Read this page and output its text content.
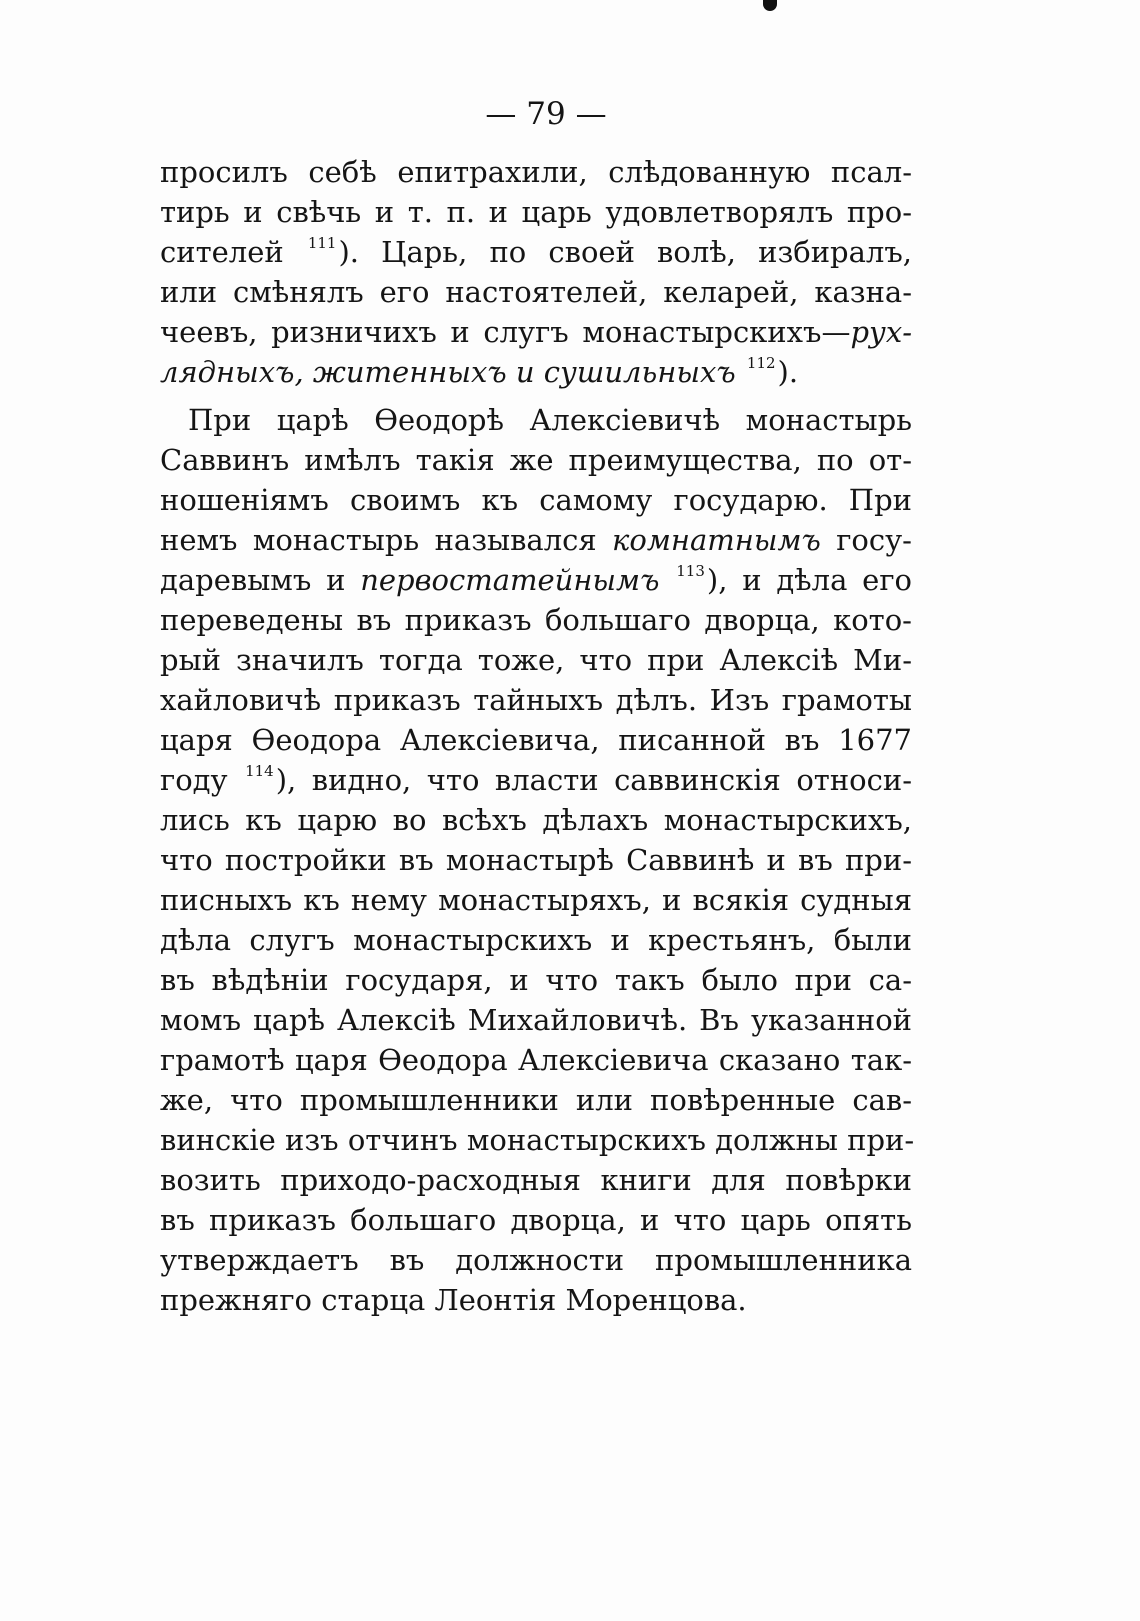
— 79 —
просилъ себѣ епитрахили, слѣдованную псал-
тирь и свѣчь и т. п. и царь удовлетворялъ про-
сителей $^{111}$). Царь, по своей волѣ, избиралъ,
или смѣнялъ его настоятелей, келарей, казна-
чеевъ, ризничихъ и слугъ монастырскихъ—рух-
лядныхъ, житенныхъ и сушильныхъ $^{112}$).
При царѣ Ѳеодорѣ Алексіевичѣ монастырь
Саввинъ имѣлъ такія же преимущества, по от-
ношеніямъ своимъ къ самому государю. При
немъ монастырь назывался комнатнымъ госу-
даревымъ и первостатейнымъ $^{113}$), и дѣла его
переведены въ приказъ большаго дворца, кото-
рый значилъ тогда тоже, что при Алексіѣ Ми-
хайловичѣ приказъ тайныхъ дѣлъ. Изъ грамоты
царя Ѳеодора Алексіевича, писанной въ 1677
году $^{114}$), видно, что власти саввинскія относи-
лись къ царю во всѣхъ дѣлахъ монастырскихъ,
что постройки въ монастырѣ Саввинѣ и въ при-
писныхъ къ нему монастыряхъ, и всякія судныя
дѣла слугъ монастырскихъ и крестьянъ, были
въ вѣдѣніи государя, и что такъ было при са-
момъ царѣ Алексіѣ Михайловичѣ. Въ указанной
грамотѣ царя Ѳеодора Алексіевича сказано так-
же, что промышленники или повѣренные сав-
винскіе изъ отчинъ монастырскихъ должны при-
возить приходо-расходныя книги для повѣрки
въ приказъ большаго дворца, и что царь опять
утверждаетъ въ должности промышленника
прежняго старца Леонтія Моренцова.
